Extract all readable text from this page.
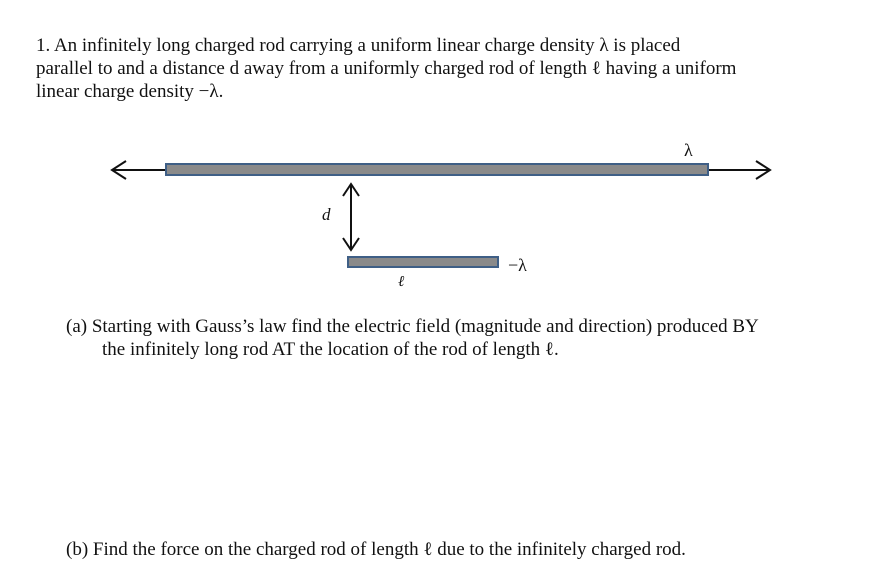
1. An infinitely long charged rod carrying a uniform linear charge density λ is placed
parallel to and a distance d away from a uniformly charged rod of length ℓ having a uniform
linear charge density −λ.
λ
d
−λ
ℓ
(a) Starting with Gauss’s law find the electric field (magnitude and direction) produced BY
the infinitely long rod AT the location of the rod of length ℓ.
(b) Find the force on the charged rod of length ℓ due to the infinitely charged rod.
